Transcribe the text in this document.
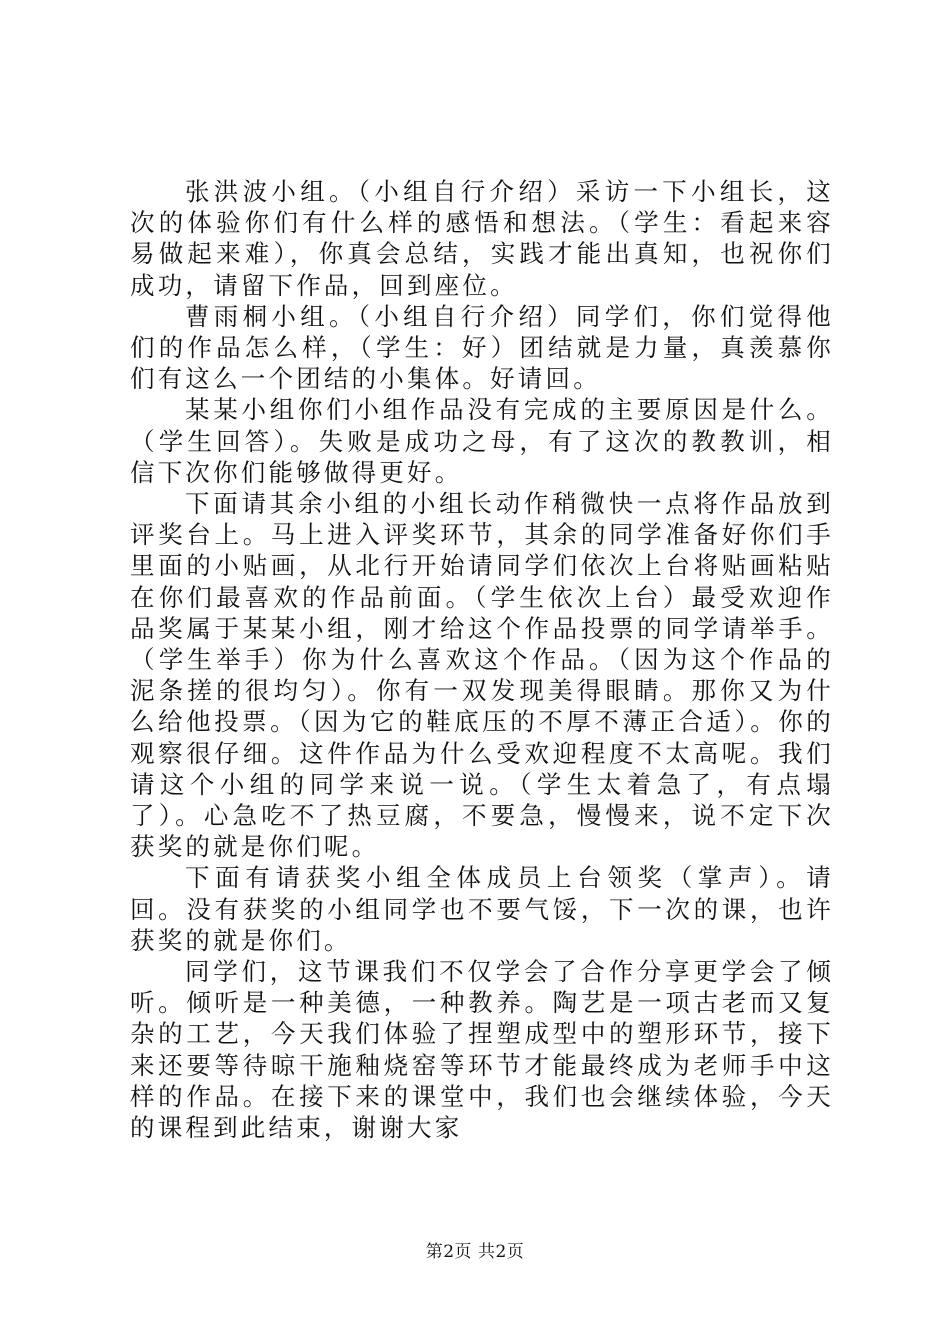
张洪波小组。（小组自行介绍）采访一下小组长，这次的体验你们有什么样的感悟和想法。（学生：看起来容易做起来难），你真会总结，实践才能出真知，也祝你们成功，请留下作品，回到座位。

曹雨桐小组。（小组自行介绍）同学们，你们觉得他们的作品怎么样，（学生：好）团结就是力量，真羡慕你们有这么一个团结的小集体。好请回。

某某小组你们小组作品没有完成的主要原因是什么。（学生回答）。失败是成功之母，有了这次的教教训，相信下次你们能够做得更好。

下面请其余小组的小组长动作稍微快一点将作品放到评奖台上。马上进入评奖环节，其余的同学准备好你们手里面的小贴画，从北行开始请同学们依次上台将贴画粘贴在你们最喜欢的作品前面。（学生依次上台）最受欢迎作品奖属于某某小组，刚才给这个作品投票的同学请举手。（学生举手）你为什么喜欢这个作品。（因为这个作品的泥条搓的很均匀）。你有一双发现美得眼睛。那你又为什么给他投票。（因为它的鞋底压的不厚不薄正合适）。你的观察很仔细。这件作品为什么受欢迎程度不太高呢。我们请这个小组的同学来说一说。（学生太着急了，有点塌了）。心急吃不了热豆腐，不要急，慢慢来，说不定下次获奖的就是你们呢。

下面有请获奖小组全体成员上台领奖（掌声）。请回。没有获奖的小组同学也不要气馁，下一次的课，也许获奖的就是你们。

同学们，这节课我们不仅学会了合作分享更学会了倾听。倾听是一种美德，一种教养。陶艺是一项古老而又复杂的工艺，今天我们体验了捏塑成型中的塑形环节，接下来还要等待晾干施釉烧窑等环节才能最终成为老师手中这样的作品。在接下来的课堂中，我们也会继续体验，今天的课程到此结束，谢谢大家

第2页 共2页
